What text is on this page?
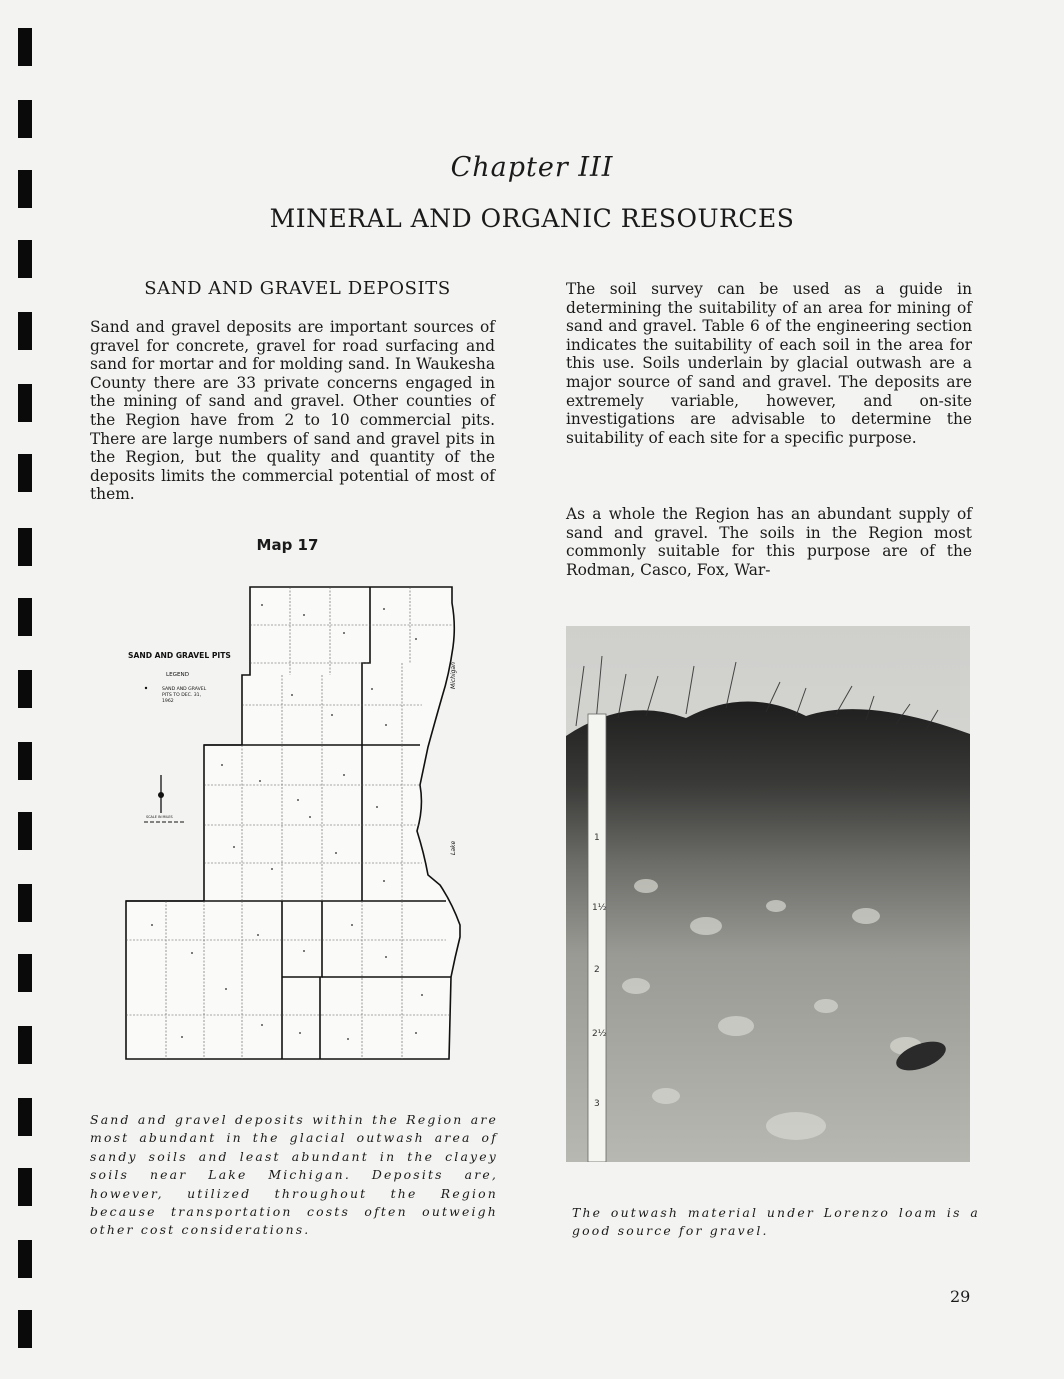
Chapter III
MINERAL AND ORGANIC RESOURCES
SAND AND GRAVEL DEPOSITS
Sand and gravel deposits are important sources of gravel for concrete, gravel for road surfacing and sand for mortar and for molding sand. In Waukesha County there are 33 private concerns engaged in the mining of sand and gravel. Other counties of the Region have from 2 to 10 commercial pits. There are large numbers of sand and gravel pits in the Region, but the quality and quantity of the deposits limits the commercial potential of most of them.
Map 17
SAND AND GRAVEL PITS
LEGEND
SAND AND GRAVEL
PITS TO DEC. 31,
1962
SCALE IN MILES
Michigan
Lake
Sand and gravel deposits within the Region are most abundant in the glacial outwash area of sandy soils and least abundant in the clayey soils near Lake Michigan. Deposits are, however, utilized throughout the Region because transportation costs often outweigh other cost considerations.
The soil survey can be used as a guide in determining the suitability of an area for mining of sand and gravel. Table 6 of the engineering section indicates the suitability of each soil in the area for this use. Soils underlain by glacial outwash are a major source of sand and gravel. The deposits are extremely variable, however, and on-site investigations are advisable to determine the suitability of each site for a specific purpose.
As a whole the Region has an abundant supply of sand and gravel. The soils in the Region most commonly suitable for this purpose are of the Rodman, Casco, Fox, War-
1
1½
2
2½
3
The outwash material under Lorenzo loam is a good source for gravel.
29
